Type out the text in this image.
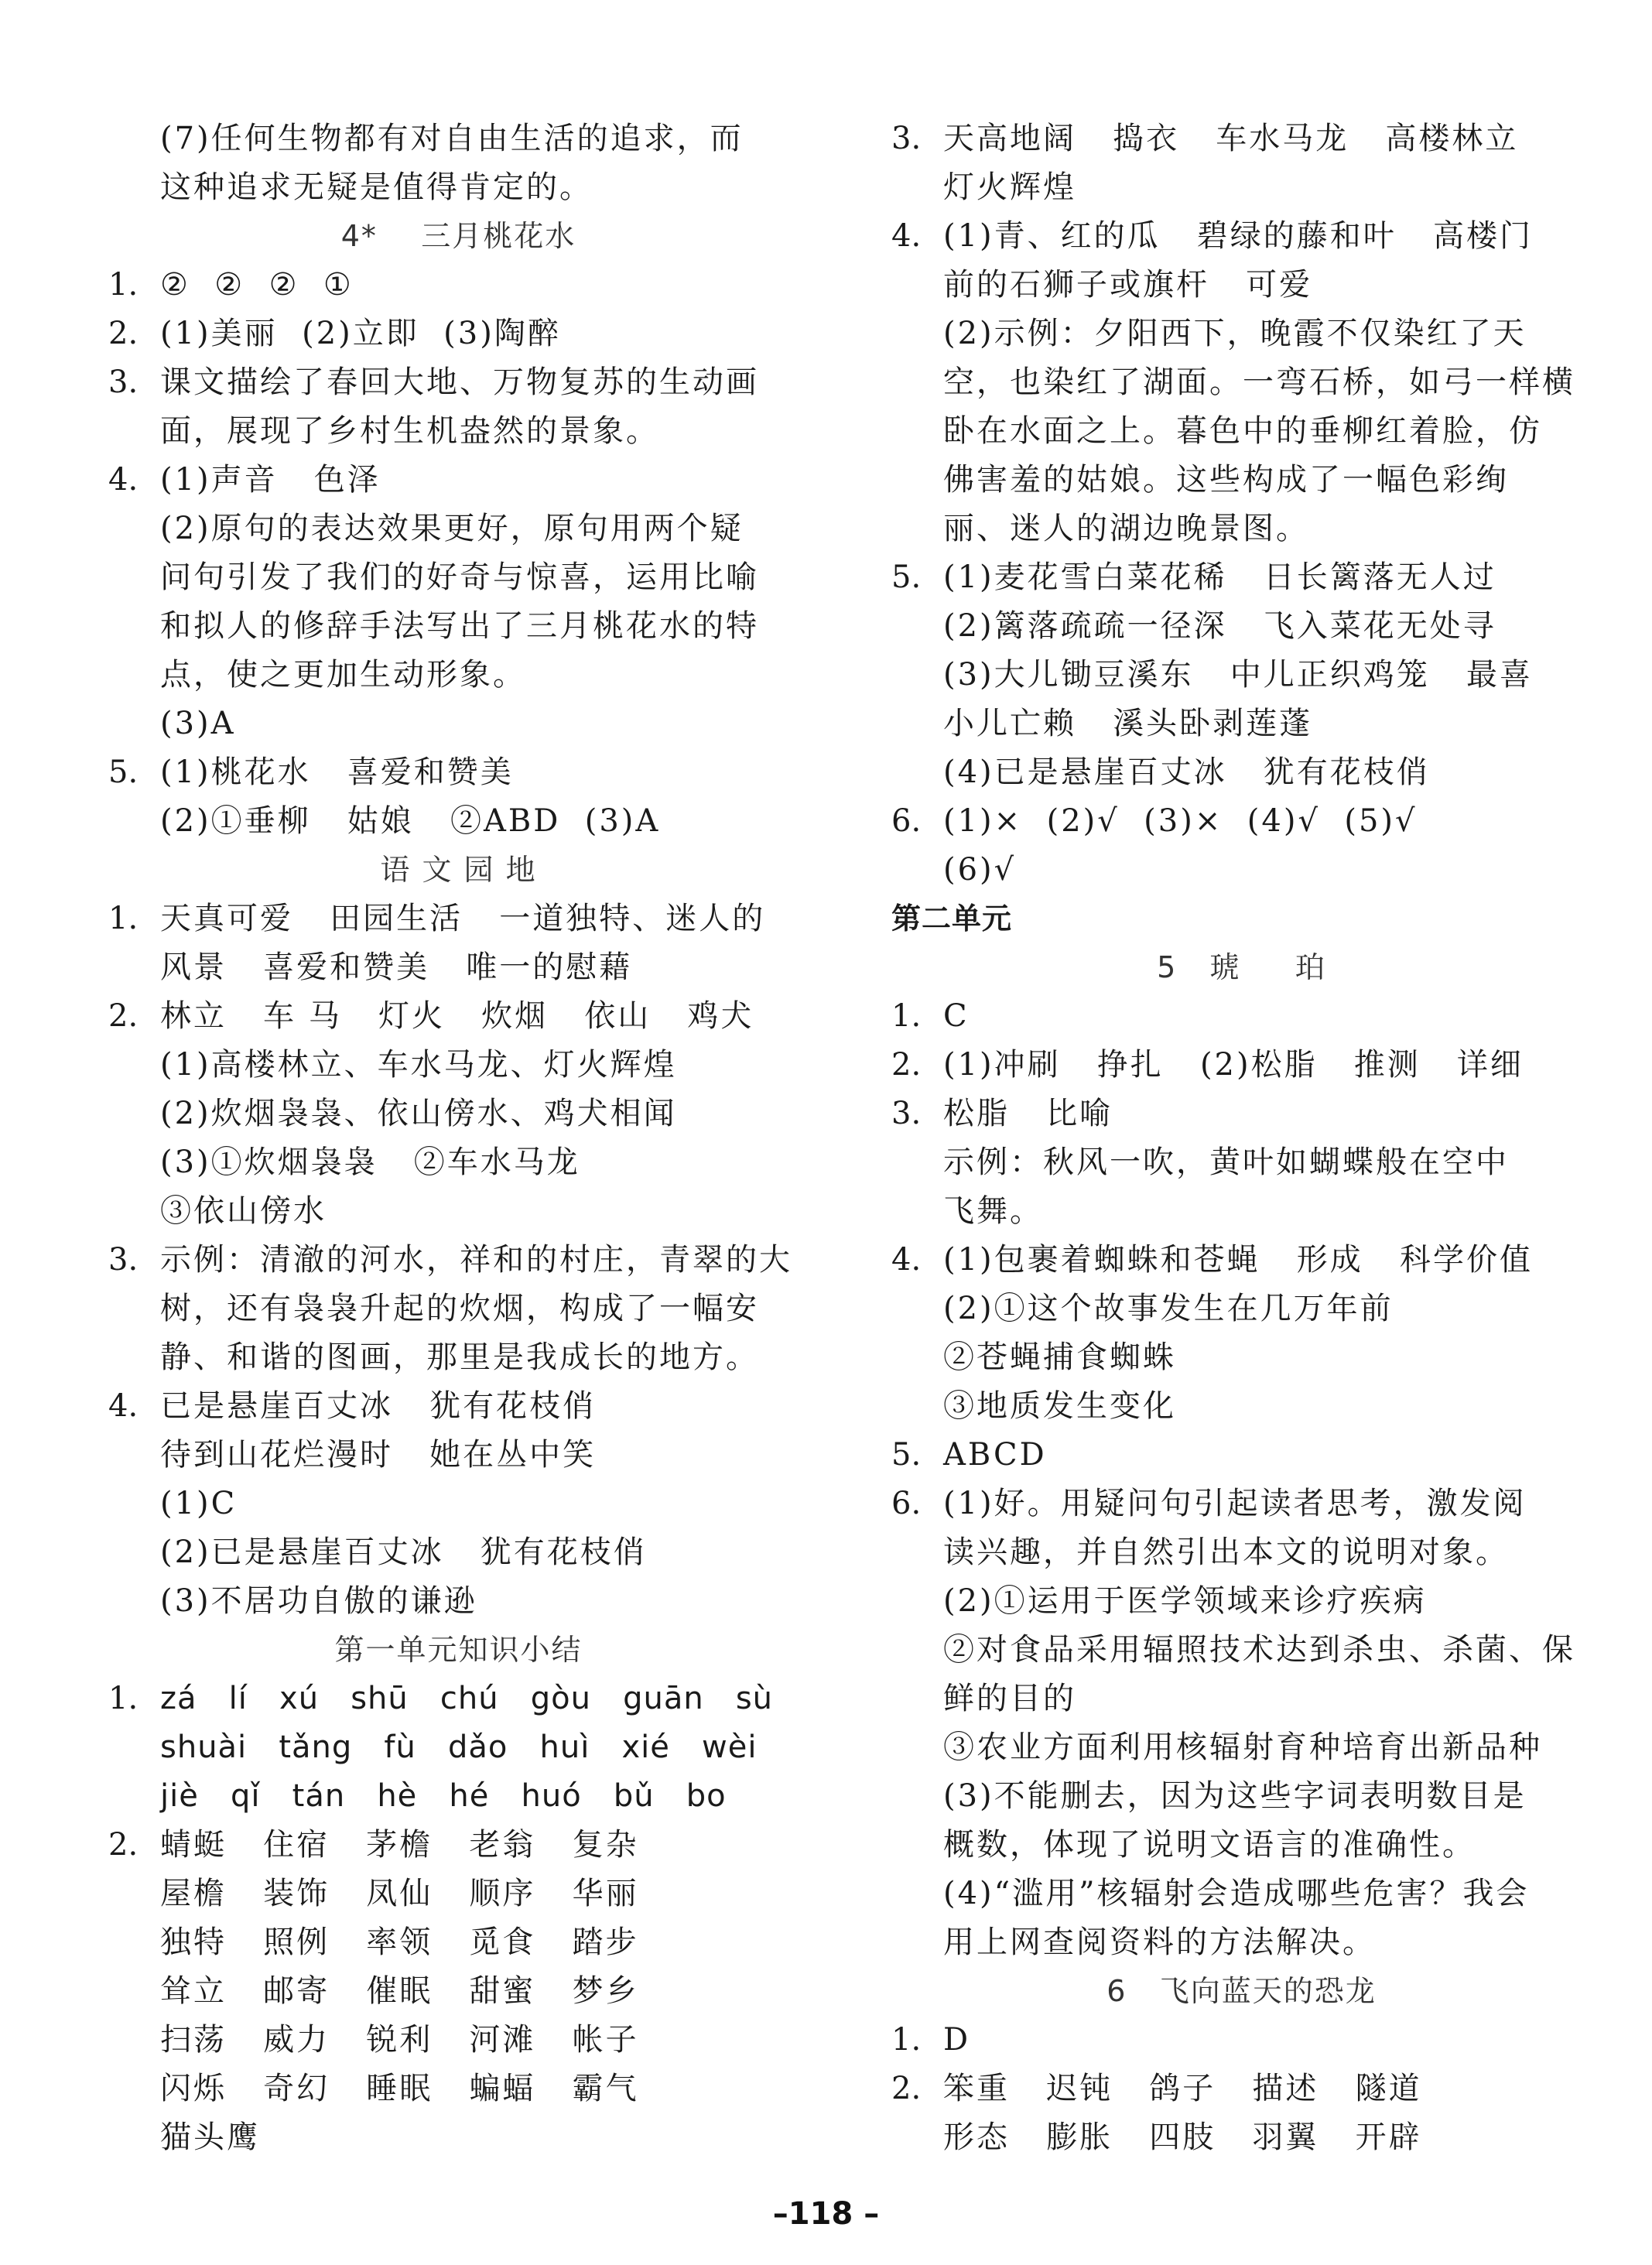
(7)任何生物都有对自由生活的追求，而
这种追求无疑是值得肯定的。
4*    三月桃花水
1. ②  ②  ②  ①
2. (1)美丽  (2)立即  (3)陶醉
3. 课文描绘了春回大地、万物复苏的生动画
面，展现了乡村生机盎然的景象。
4. (1)声音   色泽
(2)原句的表达效果更好，原句用两个疑
问句引发了我们的好奇与惊喜，运用比喻
和拟人的修辞手法写出了三月桃花水的特
点，使之更加生动形象。
(3)A
5. (1)桃花水   喜爱和赞美
(2)①垂柳   姑娘   ②ABD  (3)A
语 文 园 地
1. 天真可爱   田园生活   一道独特、迷人的
风景   喜爱和赞美   唯一的慰藉
2. 林立   车 马   灯火   炊烟   依山   鸡犬
(1)高楼林立、车水马龙、灯火辉煌
(2)炊烟袅袅、依山傍水、鸡犬相闻
(3)①炊烟袅袅   ②车水马龙
③依山傍水
3. 示例：清澈的河水，祥和的村庄，青翠的大
树，还有袅袅升起的炊烟，构成了一幅安
静、和谐的图画，那里是我成长的地方。
4. 已是悬崖百丈冰   犹有花枝俏
待到山花烂漫时   她在丛中笑
(1)C
(2)已是悬崖百丈冰   犹有花枝俏
(3)不居功自傲的谦逊
第一单元知识小结
1. zá   lí   xú   shū   chú   gòu   guān   sù
shuài   tǎng   fù   dǎo   huì   xié   wèi
jiè   qǐ   tán   hè   hé   huó   bǔ   bo
2. 蜻蜓   住宿   茅檐   老翁   复杂
屋檐   装饰   凤仙   顺序   华丽
独特   照例   率领   觅食   踏步
耸立   邮寄   催眠   甜蜜   梦乡
扫荡   威力   锐利   河滩   帐子
闪烁   奇幻   睡眠   蝙蝠   霸气
猫头鹰
3. 天高地阔   捣衣   车水马龙   高楼林立
灯火辉煌
4. (1)青、红的瓜   碧绿的藤和叶   高楼门
前的石狮子或旗杆   可爱
(2)示例：夕阳西下，晚霞不仅染红了天
空，也染红了湖面。一弯石桥，如弓一样横
卧在水面之上。暮色中的垂柳红着脸，仿
佛害羞的姑娘。这些构成了一幅色彩绚
丽、迷人的湖边晚景图。
5. (1)麦花雪白菜花稀   日长篱落无人过
(2)篱落疏疏一径深   飞入菜花无处寻
(3)大儿锄豆溪东   中儿正织鸡笼   最喜
小儿亡赖   溪头卧剥莲蓬
(4)已是悬崖百丈冰   犹有花枝俏
6. (1)×  (2)√  (3)×  (4)√  (5)√
(6)√
第二单元
5   琥     珀
1. C
2. (1)冲刷   挣扎   (2)松脂   推测   详细
3. 松脂   比喻
示例：秋风一吹，黄叶如蝴蝶般在空中
飞舞。
4. (1)包裹着蜘蛛和苍蝇   形成   科学价值
(2)①这个故事发生在几万年前
②苍蝇捕食蜘蛛
③地质发生变化
5. ABCD
6. (1)好。用疑问句引起读者思考，激发阅
读兴趣，并自然引出本文的说明对象。
(2)①运用于医学领域来诊疗疾病
②对食品采用辐照技术达到杀虫、杀菌、保
鲜的目的
③农业方面利用核辐射育种培育出新品种
(3)不能删去，因为这些字词表明数目是
概数，体现了说明文语言的准确性。
(4)“滥用”核辐射会造成哪些危害？我会
用上网查阅资料的方法解决。
6   飞向蓝天的恐龙
1. D
2. 笨重   迟钝   鸽子   描述   隧道
形态   膨胀   四肢   羽翼   开辟
–118 –
